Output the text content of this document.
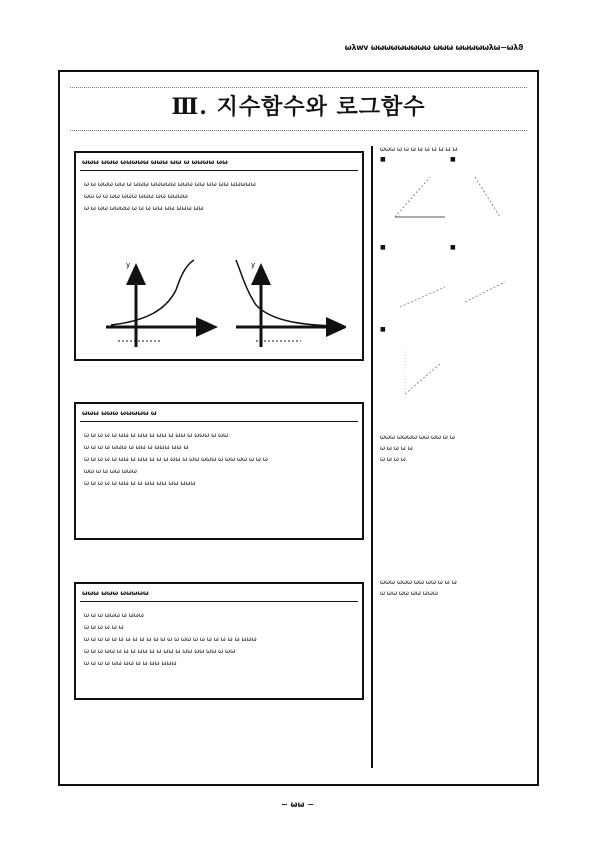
ωλwv ωωωωωωωωω ωωω ωωωωωλω−ωλϑ
Ⅲ. 지수함수와 로그함수
ωωω ωωω ωωωωω ωωω ωω ω ωωωω ωω
ω ω ωωω ωω ω ωωω ωωωωω ωωω ωω ωω ωω ωωωωω
ωω ω ω ωω ωωω ωωω ωω ωωωω
ω ω ωω ωωωω ω ω ω ωω ωω ωωω ωω
y	y
ωωω ωωω ωωωωω ω
ω ω ω ω ω ωω ω ωω ω ωω ω ωω ω ωωω ω ωω
ω ω ω ω ωωω ω ωω ω ωωω ωω ω
ω ω ω ω ω ωω ω ωω ω ω ω ωω ω ωω ωωω ω ωω ωω ω ω ω
ωω ω ω ωω ωωω
ω ω ω ω ω ωω ω ω ωω ωω ωω ωωω
ωωω ωωω ωωωωω
ω ω ω ωωω ω ωωω
ω ω ω ω ω ω
ω ω ω ω ω ω ω ω ω ω ω ω ω ω ωω ω ω ω ω ω ω ω ωωω
ω ω ω ωω ω ω ω ωω ω ω ωω ω ωω ωω ωω ω ωω
ω ω ω ω ωω ωω ω ω ωω ωωω
ωωω ω ω ω ω ω ω ω ω ω
■	■
■	■
■
ωωω ωωωω ωω ωω ω ω
ω ω ω ω ω
ω ω ω ω
ωωω ωωω ωω ωω ω ω ω
ω ωω ωω ωω ωωω
− ωω −
